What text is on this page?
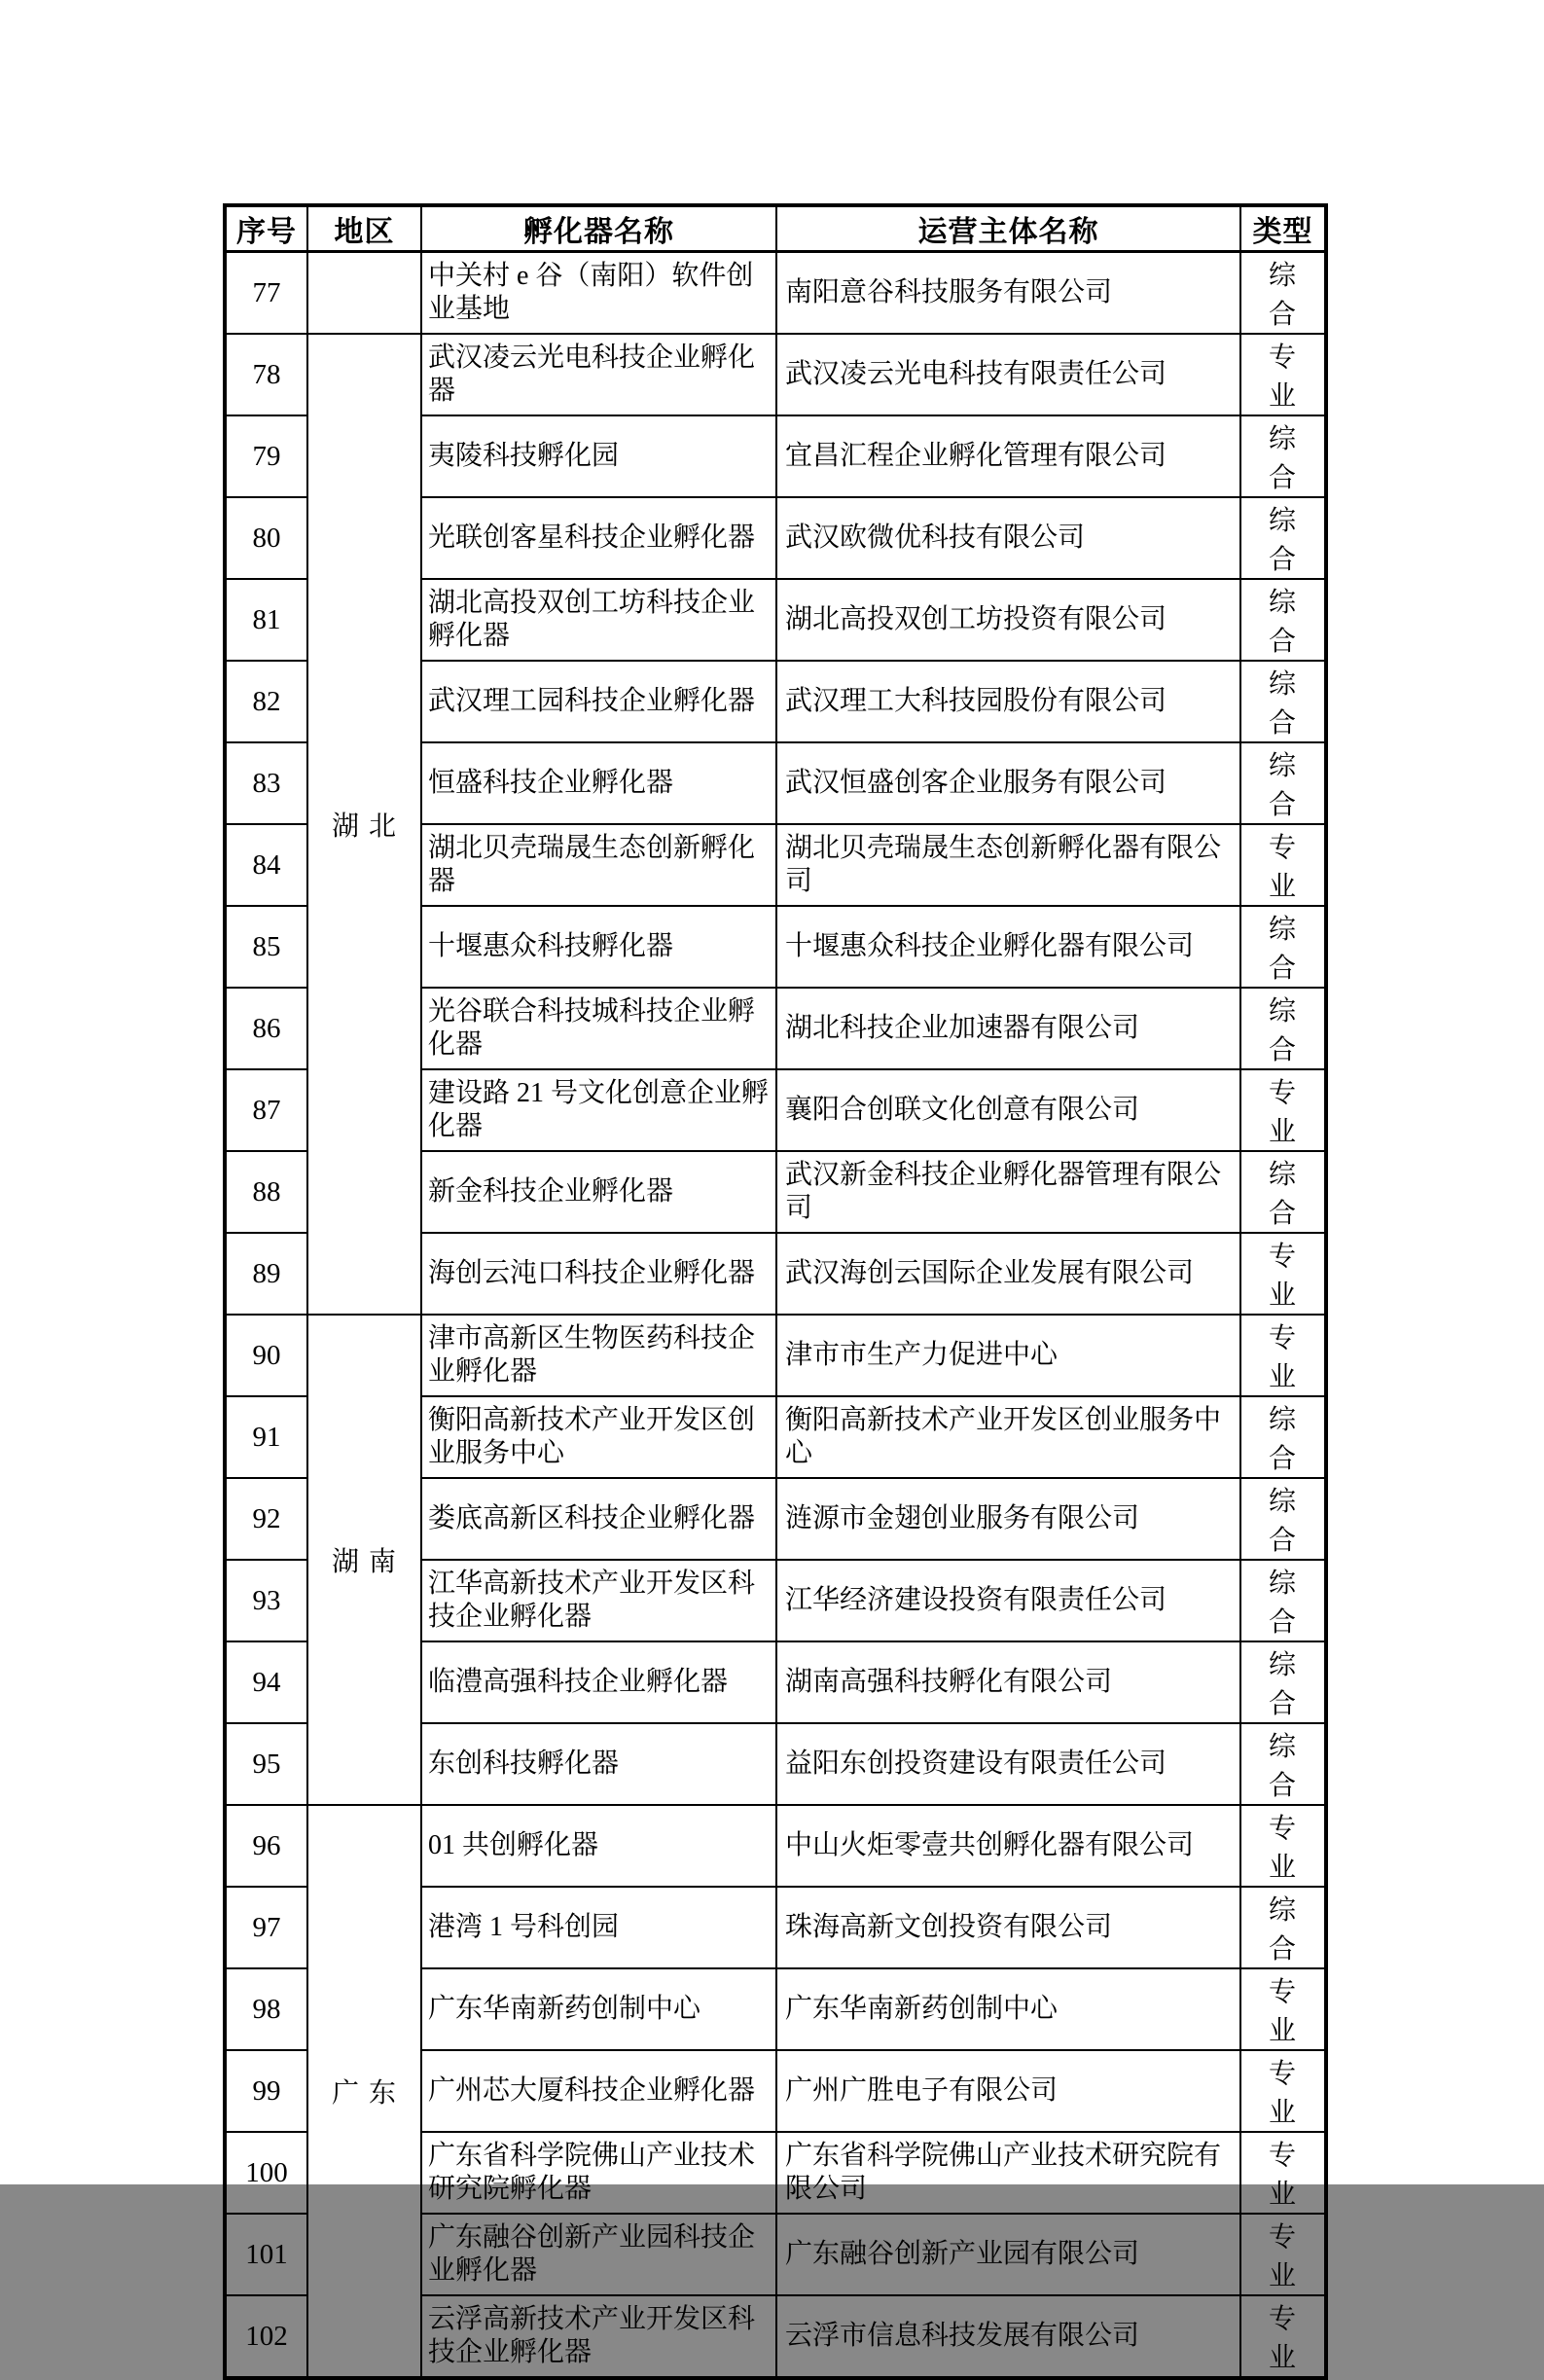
序号	地区	孵化器名称	运营主体名称	类型
77		中关村 e 谷（南阳）软件创业基地	南阳意谷科技服务有限公司	综合
78	湖北	武汉凌云光电科技企业孵化器	武汉凌云光电科技有限责任公司	专业
79		夷陵科技孵化园	宜昌汇程企业孵化管理有限公司	综合
80		光联创客星科技企业孵化器	武汉欧微优科技有限公司	综合
81		湖北高投双创工坊科技企业孵化器	湖北高投双创工坊投资有限公司	综合
82		武汉理工园科技企业孵化器	武汉理工大科技园股份有限公司	综合
83		恒盛科技企业孵化器	武汉恒盛创客企业服务有限公司	综合
84		湖北贝壳瑞晟生态创新孵化器	湖北贝壳瑞晟生态创新孵化器有限公司	专业
85		十堰惠众科技孵化器	十堰惠众科技企业孵化器有限公司	综合
86		光谷联合科技城科技企业孵化器	湖北科技企业加速器有限公司	综合
87		建设路 21 号文化创意企业孵化器	襄阳合创联文化创意有限公司	专业
88		新金科技企业孵化器	武汉新金科技企业孵化器管理有限公司	综合
89		海创云沌口科技企业孵化器	武汉海创云国际企业发展有限公司	专业
90	湖南	津市高新区生物医药科技企业孵化器	津市市生产力促进中心	专业
91		衡阳高新技术产业开发区创业服务中心	衡阳高新技术产业开发区创业服务中心	综合
92		娄底高新区科技企业孵化器	涟源市金翅创业服务有限公司	综合
93		江华高新技术产业开发区科技企业孵化器	江华经济建设投资有限责任公司	综合
94		临澧高强科技企业孵化器	湖南高强科技孵化有限公司	综合
95		东创科技孵化器	益阳东创投资建设有限责任公司	综合
96	广东	01 共创孵化器	中山火炬零壹共创孵化器有限公司	专业
97		港湾 1 号科创园	珠海高新文创投资有限公司	综合
98		广东华南新药创制中心	广东华南新药创制中心	专业
99		广州芯大厦科技企业孵化器	广州广胜电子有限公司	专业
100		广东省科学院佛山产业技术研究院孵化器	广东省科学院佛山产业技术研究院有限公司	专业
101		广东融谷创新产业园科技企业孵化器	广东融谷创新产业园有限公司	专业
102		云浮高新技术产业开发区科技企业孵化器	云浮市信息科技发展有限公司	专业
